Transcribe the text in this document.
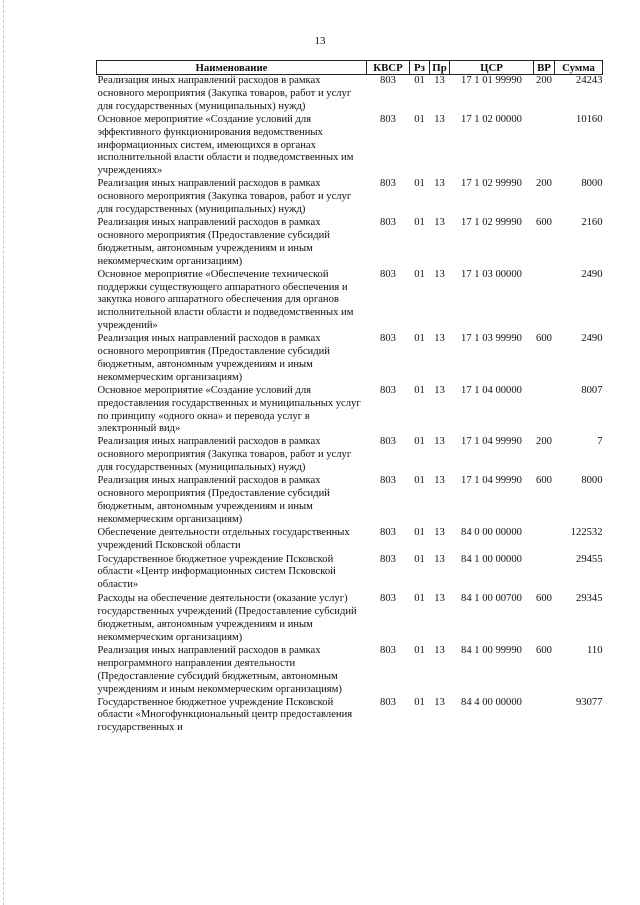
13
Наименование	КВСР	Рз	Пр	ЦСР	ВР	Сумма
Реализация иных направлений расходов в рамках основного мероприятия (Закупка товаров, работ и услуг для государственных (муниципальных) нужд)	803	01	13	17 1 01 99990	200	24243
Основное мероприятие «Создание условий для эффективного функционирования ведомственных информационных систем, имеющихся в органах исполнительной власти области и подведомственных им учреждениях»	803	01	13	17 1 02 00000		10160
Реализация иных направлений расходов в рамках основного мероприятия (Закупка товаров, работ и услуг для государственных (муниципальных) нужд)	803	01	13	17 1 02 99990	200	8000
Реализация иных направлений расходов в рамках основного мероприятия (Предоставление субсидий бюджетным, автономным учреждениям и иным некоммерческим организациям)	803	01	13	17 1 02 99990	600	2160
Основное мероприятие «Обеспечение технической поддержки существующего аппаратного обеспечения и закупка нового аппаратного обеспечения для органов исполнительной власти области и подведомственных им учреждений»	803	01	13	17 1 03 00000		2490
Реализация иных направлений расходов в рамках основного мероприятия (Предоставление субсидий бюджетным, автономным учреждениям и иным некоммерческим организациям)	803	01	13	17 1 03 99990	600	2490
Основное мероприятие «Создание условий для предоставления государственных и муниципальных услуг по принципу «одного окна» и перевода услуг в электронный вид»	803	01	13	17 1 04 00000		8007
Реализация иных направлений расходов в рамках основного мероприятия (Закупка товаров, работ и услуг для государственных (муниципальных) нужд)	803	01	13	17 1 04 99990	200	7
Реализация иных направлений расходов в рамках основного мероприятия (Предоставление субсидий бюджетным, автономным учреждениям и иным некоммерческим организациям)	803	01	13	17 1 04 99990	600	8000
Обеспечение деятельности отдельных государственных учреждений Псковской области	803	01	13	84 0 00 00000		122532
Государственное бюджетное учреждение Псковской области «Центр информационных систем Псковской области»	803	01	13	84 1 00 00000		29455
Расходы на обеспечение деятельности (оказание услуг) государственных учреждений (Предоставление субсидий бюджетным, автономным учреждениям и иным некоммерческим организациям)	803	01	13	84 1 00 00700	600	29345
Реализация иных направлений расходов в рамках непрограммного направления деятельности (Предоставление субсидий бюджетным, автономным учреждениям и иным некоммерческим организациям)	803	01	13	84 1 00 99990	600	110
Государственное бюджетное учреждение Псковской области «Многофункциональный центр предоставления государственных и	803	01	13	84 4 00 00000		93077
